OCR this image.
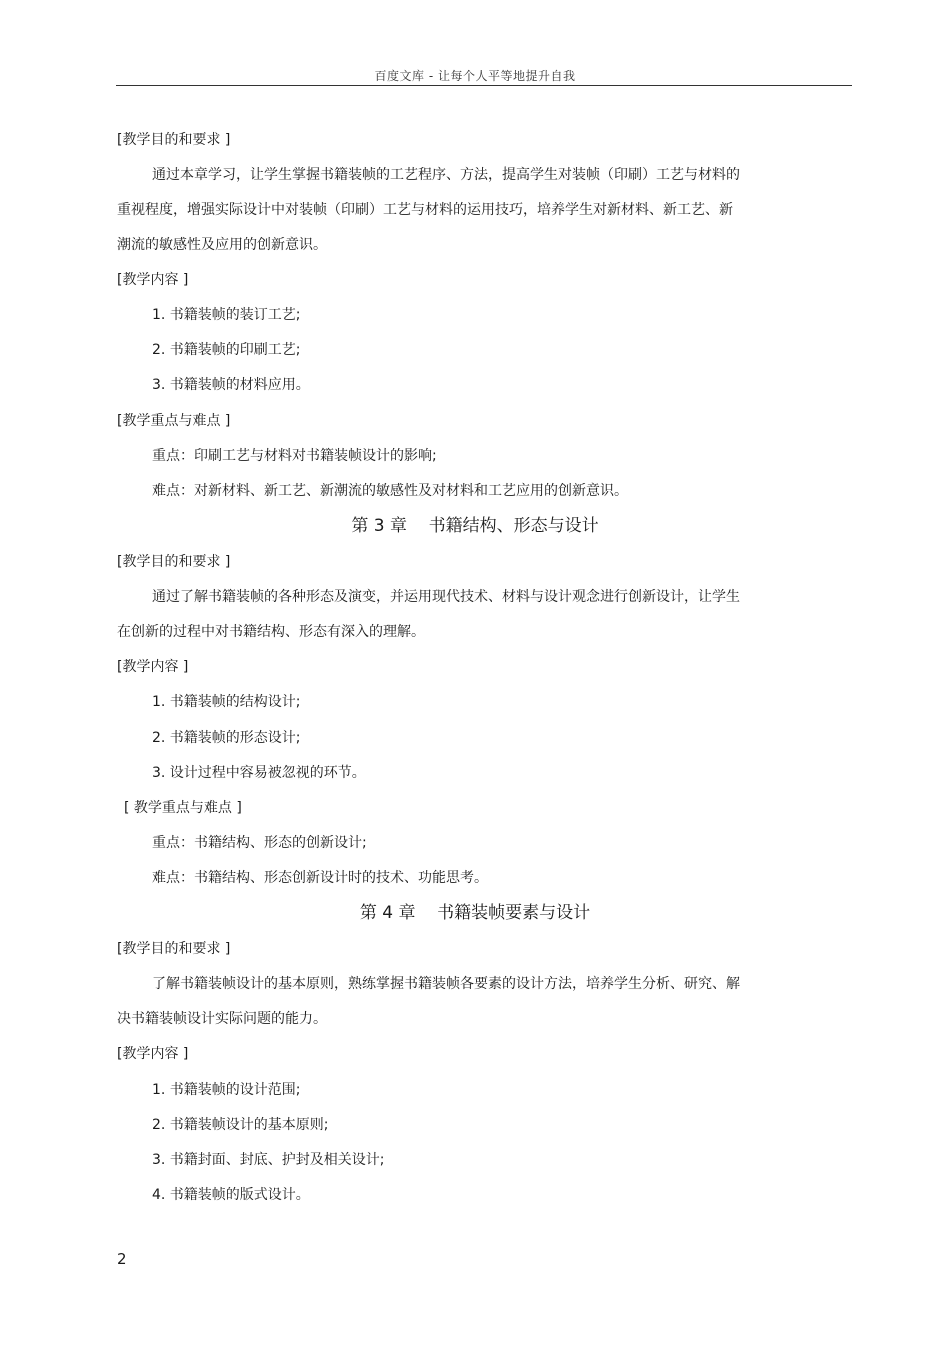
百度文库 - 让每个人平等地提升自我
[教学目的和要求 ]
通过本章学习，让学生掌握书籍装帧的工艺程序、方法，提高学生对装帧（印刷）工艺与材料的
重视程度，增强实际设计中对装帧（印刷）工艺与材料的运用技巧，培养学生对新材料、新工艺、新
潮流的敏感性及应用的创新意识。
[教学内容 ]
1. 书籍装帧的装订工艺;
2. 书籍装帧的印刷工艺;
3. 书籍装帧的材料应用。
[教学重点与难点 ]
重点：印刷工艺与材料对书籍装帧设计的影响;
难点：对新材料、新工艺、新潮流的敏感性及对材料和工艺应用的创新意识。
第 3 章    书籍结构、形态与设计
[教学目的和要求 ]
通过了解书籍装帧的各种形态及演变，并运用现代技术、材料与设计观念进行创新设计，让学生
在创新的过程中对书籍结构、形态有深入的理解。
[教学内容 ]
1. 书籍装帧的结构设计;
2. 书籍装帧的形态设计;
3. 设计过程中容易被忽视的环节。
[ 教学重点与难点 ]
重点：书籍结构、形态的创新设计;
难点：书籍结构、形态创新设计时的技术、功能思考。
第 4 章    书籍装帧要素与设计
[教学目的和要求 ]
了解书籍装帧设计的基本原则，熟练掌握书籍装帧各要素的设计方法，培养学生分析、研究、解
决书籍装帧设计实际问题的能力。
[教学内容 ]
1. 书籍装帧的设计范围;
2. 书籍装帧设计的基本原则;
3. 书籍封面、封底、护封及相关设计;
4. 书籍装帧的版式设计。
2
